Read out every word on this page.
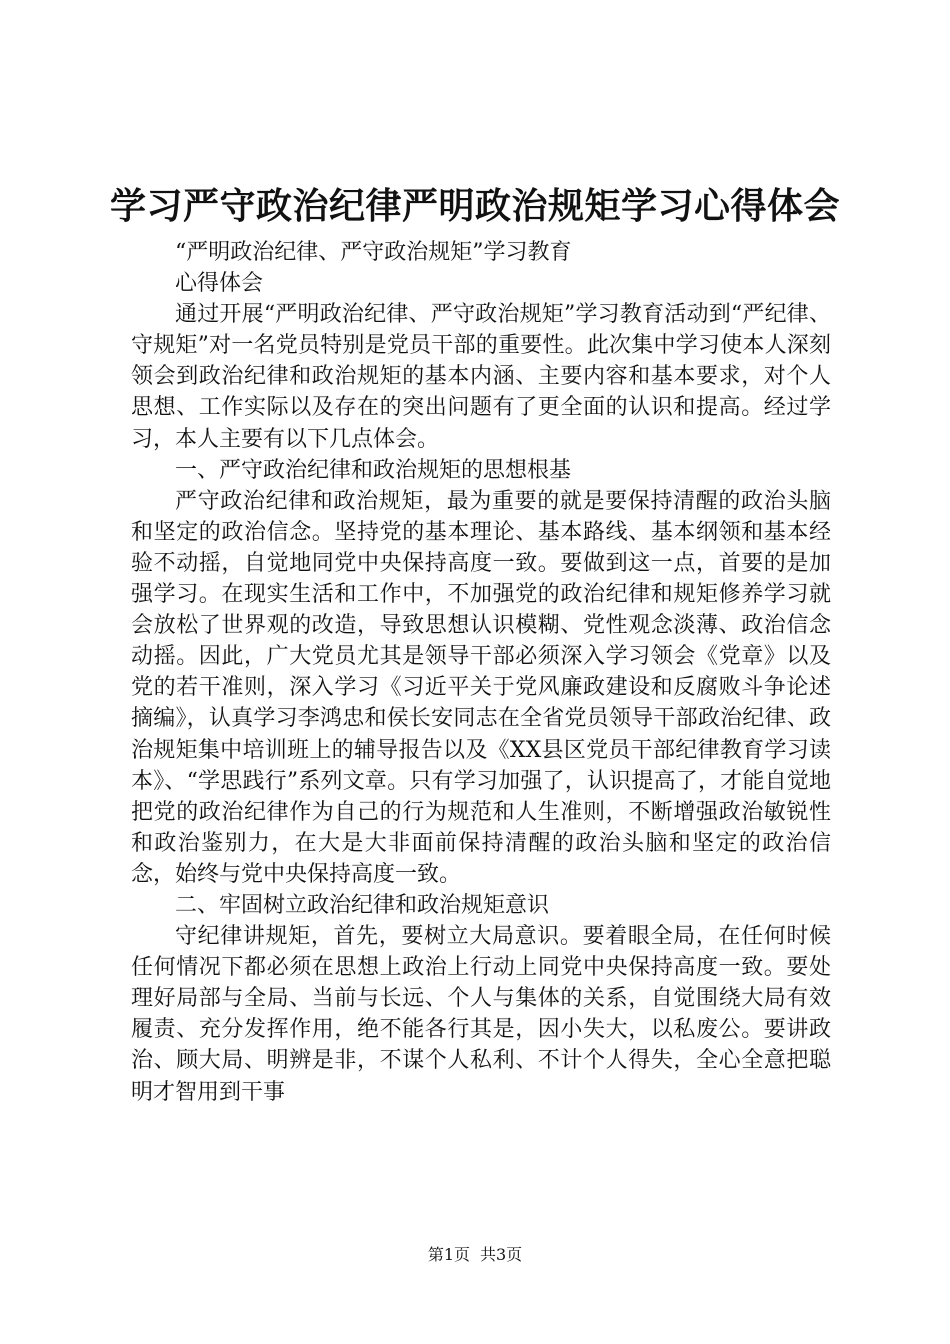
学习严守政治纪律严明政治规矩学习心得体会

“严明政治纪律、严守政治规矩”学习教育

心得体会

通过开展“严明政治纪律、严守政治规矩”学习教育活动到“严纪律、守规矩”对一名党员特别是党员干部的重要性。此次集中学习使本人深刻领会到政治纪律和政治规矩的基本内涵、主要内容和基本要求，对个人思想、工作实际以及存在的突出问题有了更全面的认识和提高。经过学习，本人主要有以下几点体会。

一、严守政治纪律和政治规矩的思想根基

严守政治纪律和政治规矩，最为重要的就是要保持清醒的政治头脑和坚定的政治信念。坚持党的基本理论、基本路线、基本纲领和基本经验不动摇，自觉地同党中央保持高度一致。要做到这一点，首要的是加强学习。在现实生活和工作中，不加强党的政治纪律和规矩修养学习就会放松了世界观的改造，导致思想认识模糊、党性观念淡薄、政治信念动摇。因此，广大党员尤其是领导干部必须深入学习领会《党章》以及党的若干准则，深入学习《习近平关于党风廉政建设和反腐败斗争论述摘编》，认真学习李鸿忠和侯长安同志在全省党员领导干部政治纪律、政治规矩集中培训班上的辅导报告以及《XX县区党员干部纪律教育学习读本》、“学思践行”系列文章。只有学习加强了，认识提高了，才能自觉地把党的政治纪律作为自己的行为规范和人生准则，不断增强政治敏锐性和政治鉴别力，在大是大非面前保持清醒的政治头脑和坚定的政治信念，始终与党中央保持高度一致。

二、牢固树立政治纪律和政治规矩意识

守纪律讲规矩，首先，要树立大局意识。要着眼全局，在任何时候任何情况下都必须在思想上政治上行动上同党中央保持高度一致。要处理好局部与全局、当前与长远、个人与集体的关系，自觉围绕大局有效履责、充分发挥作用，绝不能各行其是，因小失大，以私废公。要讲政治、顾大局、明辨是非，不谋个人私利、不计个人得失，全心全意把聪明才智用到干事

第1页 共3页
